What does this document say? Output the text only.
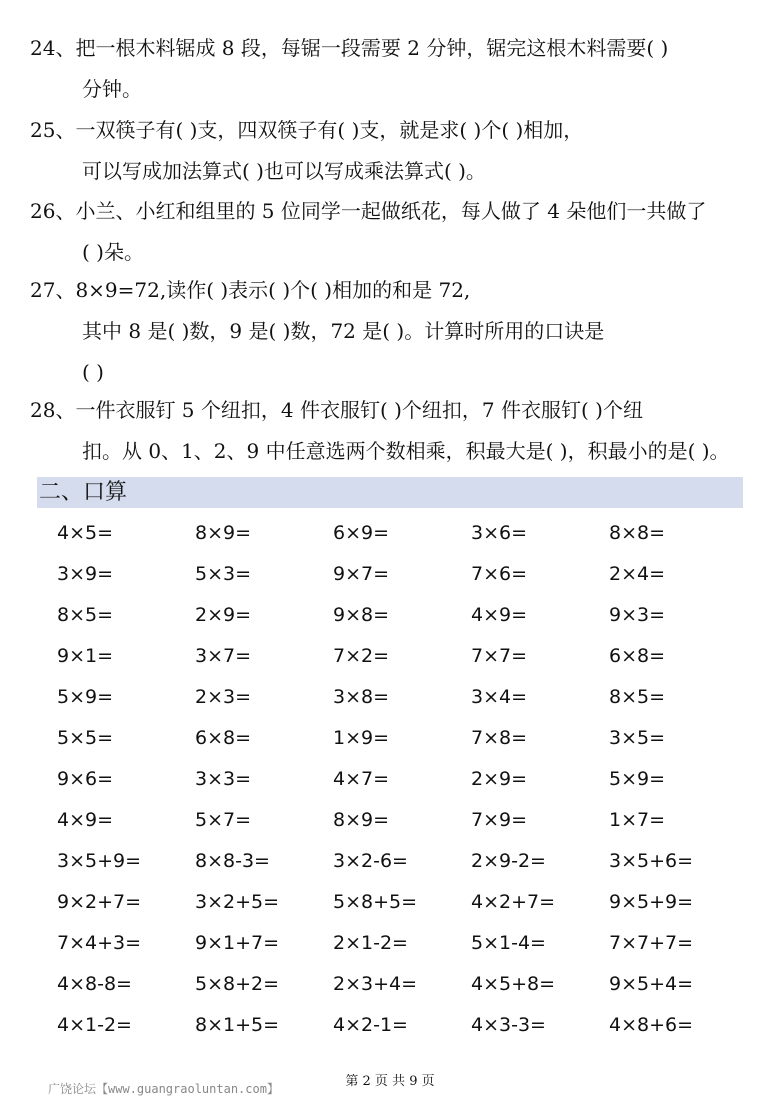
24、把一根木料锯成 8 段，每锯一段需要 2 分钟，锯完这根木料需要( )
分钟。
25、一双筷子有( )支，四双筷子有( )支，就是求( )个( )相加，
可以写成加法算式( )也可以写成乘法算式( )。
26、小兰、小红和组里的 5 位同学一起做纸花，每人做了 4 朵他们一共做了
( )朵。
27、8×9=72,读作( )表示( )个( )相加的和是 72,
其中 8 是( )数，9 是( )数，72 是( )。计算时所用的口诀是
( )
28、一件衣服钉 5 个纽扣，4 件衣服钉( )个纽扣，7 件衣服钉( )个纽
扣。从 0、1、2、9 中任意选两个数相乘，积最大是( )，积最小的是( )。
二、口算
4×5=	8×9=	6×9=	3×6=	8×8=
3×9=	5×3=	9×7=	7×6=	2×4=
8×5=	2×9=	9×8=	4×9=	9×3=
9×1=	3×7=	7×2=	7×7=	6×8=
5×9=	2×3=	3×8=	3×4=	8×5=
5×5=	6×8=	1×9=	7×8=	3×5=
9×6=	3×3=	4×7=	2×9=	5×9=
4×9=	5×7=	8×9=	7×9=	1×7=
3×5+9=	8×8-3=	3×2-6=	2×9-2=	3×5+6=
9×2+7=	3×2+5=	5×8+5=	4×2+7=	9×5+9=
7×4+3=	9×1+7=	2×1-2=	5×1-4=	7×7+7=
4×8-8=	5×8+2=	2×3+4=	4×5+8=	9×5+4=
4×1-2=	8×1+5=	4×2-1=	4×3-3=	4×8+6=
广饶论坛【www.guangraoluntan.com】	第 2 页 共 9 页
